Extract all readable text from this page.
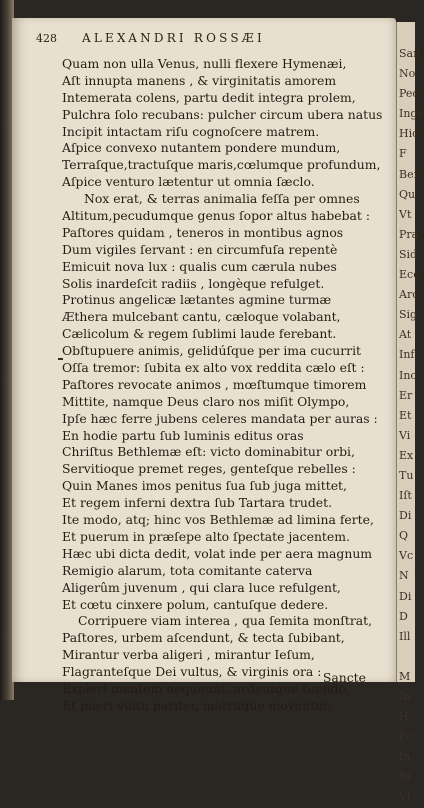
428 ALEXANDRI ROSSÆI
Quam non ulla Venus, nulli flexere Hymenæi,
Aſt innupta manens , & virginitatis amorem
Intemerata colens, partu dedit integra prolem,
Pulchra ſolo recubans: pulcher circum ubera natus
Incipit intactam riſu cognoſcere matrem.
Aſpice convexo nutantem pondere mundum,
Terraſque,tractuſque maris,cœlumque profundum,
Aſpice venturo lætentur ut omnia ſæclo.
Nox erat, & terras animalia feſſa per omnes
Altitum,pecudumque genus ſopor altus habebat :
Paſtores quidam , teneros in montibus agnos
Dum vigiles ſervant : en circumfuſa repentè
Emicuit nova lux : qualis cum cærula nubes
Solis inardeſcit radiis , longèque refulget.
Protinus angelicæ lætantes agmine turmæ
Æthera mulcebant cantu, cæloque volabant,
Cælicolum & regem ſublimi laude ferebant.
Obſtupuere animis, gelidúſque per ima cucurrit
Oſſa tremor: ſubita ex alto vox reddita cælo eſt :
Paſtores revocate animos , mœſtumque timorem
Mittite, namque Deus claro nos miſit Olympo,
Ipſe hæc ferre jubens celeres mandata per auras :
En hodie partu ſub luminis editus oras
Chriſtus Bethlemæ eſt: victo dominabitur orbi,
Servitioque premet reges, genteſque rebelles :
Quin Manes imos penitus ſua ſub juga mittet,
Et regem inferni dextra ſub Tartara trudet.
Ite modo, atq; hinc vos Bethlemæ ad limina ferte,
Et puerum in præſepe alto ſpectate jacentem.
Hæc ubi dicta dedit, volat inde per aera magnum
Remigio alarum, tota comitante caterva
Aligerûm juvenum , qui clara luce refulgent,
Et cœtu cinxere polum, cantuſque dedere.
Corripuere viam interea , qua ſemita monſtrat,
Paſtores, urbem aſcendunt, & tecta ſubibant,
Mirantur verba aligeri , mirantur Ieſum,
Flagranteſque Dei vultus, & virginis ora :
Expleri mentem nequeunt, ardentque tuendo,
Et pueri vultu pariter, matriſque moventur.
Sancte
San
No
Pec
Inge
Hic
F
Ber
Qu
Vt
Pra
Sid
Ecc
Arc
Sig
At
Inf
Inc
Er
Et
Vi
Ex
Tu
Iſt
Di
Q
Vc
N
Di
D
Ill
M
In
H
Pc
In
Ri
Vi
